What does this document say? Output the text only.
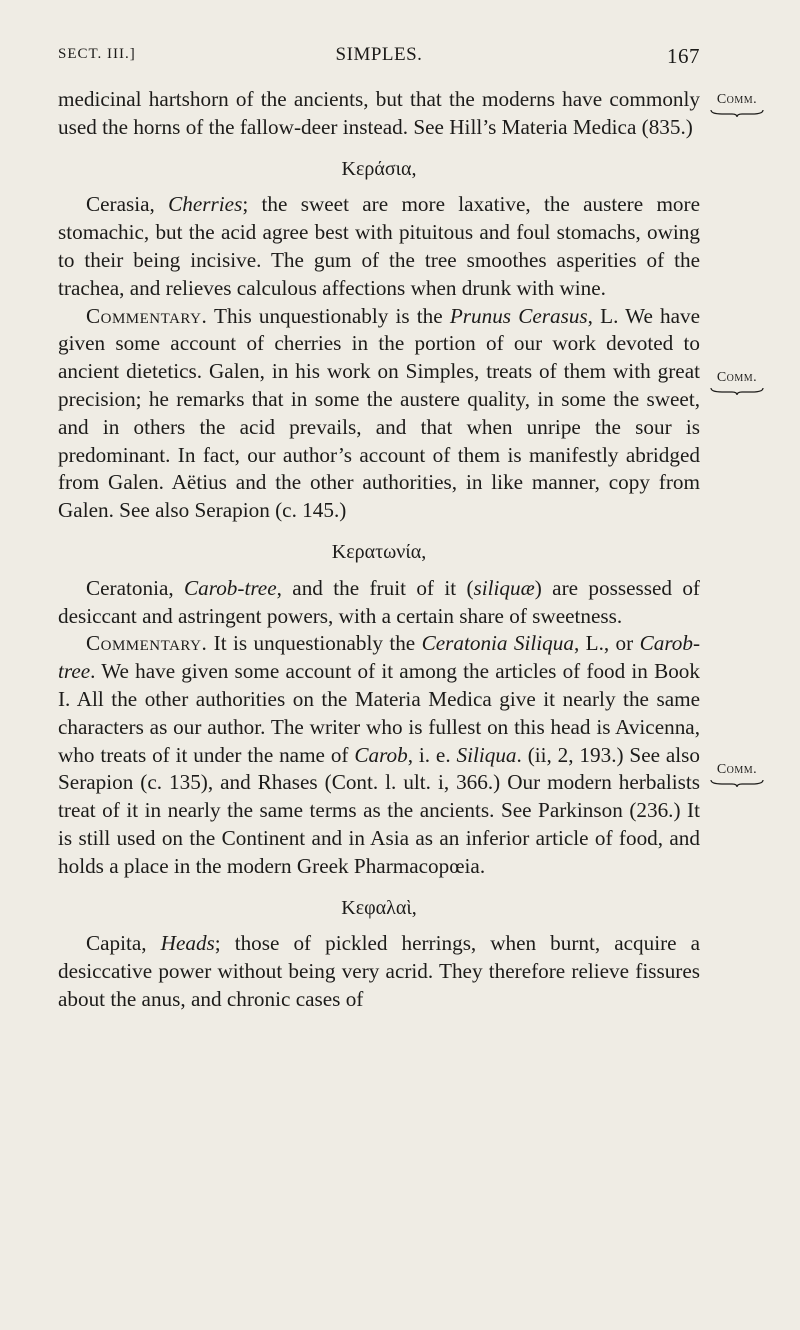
SECT. III.]	SIMPLES.	167
Comm.
Comm.
Comm.

medicinal hartshorn of the ancients, but that the moderns have commonly used the horns of the fallow-deer instead. See Hill’s Materia Medica (835.)

Κεράσια,

Cerasia, Cherries; the sweet are more laxative, the austere more stomachic, but the acid agree best with pituitous and foul stomachs, owing to their being incisive. The gum of the tree smoothes asperities of the trachea, and relieves calculous affections when drunk with wine.

Commentary. This unquestionably is the Prunus Cerasus, L. We have given some account of cherries in the portion of our work devoted to ancient dietetics. Galen, in his work on Simples, treats of them with great precision; he remarks that in some the austere quality, in some the sweet, and in others the acid prevails, and that when unripe the sour is predominant. In fact, our author’s account of them is manifestly abridged from Galen. Aëtius and the other authorities, in like manner, copy from Galen. See also Serapion (c. 145.)

Κερατωνία,

Ceratonia, Carob-tree, and the fruit of it (siliquæ) are possessed of desiccant and astringent powers, with a certain share of sweetness.

Commentary. It is unquestionably the Ceratonia Siliqua, L., or Carob-tree. We have given some account of it among the articles of food in Book I. All the other authorities on the Materia Medica give it nearly the same characters as our author. The writer who is fullest on this head is Avicenna, who treats of it under the name of Carob, i. e. Siliqua. (ii, 2, 193.) See also Serapion (c. 135), and Rhases (Cont. l. ult. i, 366.) Our modern herbalists treat of it in nearly the same terms as the ancients. See Parkinson (236.) It is still used on the Continent and in Asia as an inferior article of food, and holds a place in the modern Greek Pharmacopœia.

Κεφαλαὶ,

Capita, Heads; those of pickled herrings, when burnt, acquire a desiccative power without being very acrid. They therefore relieve fissures about the anus, and chronic cases of
